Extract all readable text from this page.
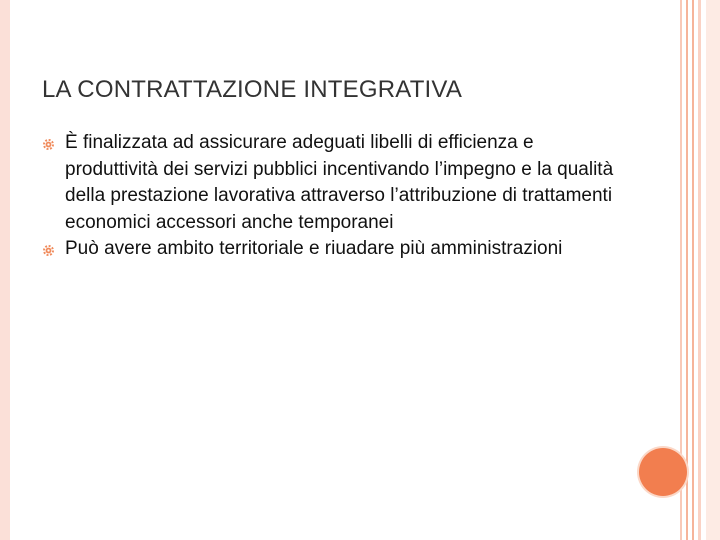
LA CONTRATTAZIONE INTEGRATIVA
È finalizzata ad assicurare adeguati libelli di efficienza e produttività dei servizi pubblici incentivando l’impegno e la qualità della prestazione lavorativa attraverso l’attribuzione di trattamenti economici accessori anche temporanei
Può avere ambito territoriale e riuadare più amministrazioni
